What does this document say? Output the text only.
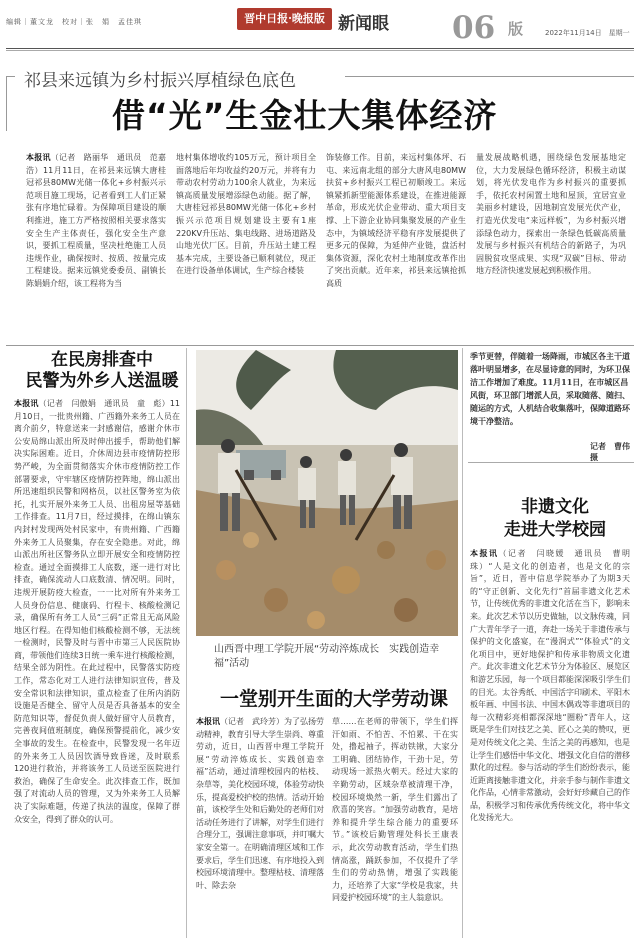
编辑｜董文龙　校对｜张　娟　孟佳琪	晋中日报·晚报版 新闻眼 06 版	2022年11月14日　星期一
祁县来远镇为乡村振兴厚植绿色底色
借“光”生金壮大集体经济
本报讯（记者　路丽华　通讯员　范嘉浩）11月11日，在祁县来远镇大唐桂冠祁县80MW光储一体化+乡村振兴示范项目施工现场，记者看到工人们正紧张有序地忙碌着。为保障项目建设的顺利推进，施工方严格按照相关要求落实安全生产主体责任，强化安全生产意识，要抓工程质量，坚决杜绝施工人员违规作业，确保按时、按质、按量完成工程建设。据来远镇党委委员、副镇长陈娟娟介绍，该工程将为当
地村集体增收约105万元，预计项目全面落地后年均收益约20万元，并将有力带动农村劳动力100余人就业，为来远镇高质量发展增添绿色动能。据了解，大唐桂冠祁县80MW光储一体化+乡村振兴示范项目规划建设主要有1座220KV升压站、集电线路、进场道路及山地光伏厂区。目前，升压站土建工程基本完成，主要设备已顺利就位，现正在进行设备单体调试，生产综合楼装
饰装修工作。目前，来远村集体坪、石屯、来远南北组的部分大唐风电80MW扶贫+乡村振兴工程已初顺竣工。来远镇紧抓新型能源体系建设，在推进能源革命，形成光伏企业带动、重大项目支撑、上下游企业协同集聚发展的产业生态中，为镇域经济平稳有序发展提供了更多元的保障，为延伸产业链，盘活村集体资源，深化农村土地制度改革作出了突出贡献。近年来，祁县来远镇抢抓高质
量发展战略机遇，围绕绿色发展基地定位，大力发展绿色循环经济，积极主动谋划，将光伏发电作为乡村振兴的重要抓手，依托农村闲置土地和屋顶，宜居宜业美丽乡村建设，因地制宜发展光伏产业，打造光伏发电“来远样板”，为乡村振兴增添绿色动力，探索出一条绿色低碳高质量发展与乡村振兴有机结合的新路子，为巩固脱贫攻坚成果、实现“双碳”目标、带动地方经济快速发展起到积极作用。
在民房排查中
民警为外乡人送温暖
本报讯（记者　闫傲娟　通讯员　童　彪）11月10日，一批贵州籍、广西籍外来务工人员在离介前夕，特意送来一封感谢信，感谢介休市公安局绵山派出所及时伸出援手，帮助他们解决实际困难。近日，介休周边县市疫情防控形势严峻，为全面贯彻落实介休市疫情防控工作部署要求，守牢辖区疫情防控阵地，绵山派出所迅速组织民警和网格员，以社区警务室为依托，扎实开展外来务工人员、出租房屋等基础工作排查。11月7日，经过摸排，在绵山镇东内封村发现两处村民家中，有贵州籍、广西籍外来务工人员聚集，存在安全隐患。对此，绵山派出所社区警务队立即开展安全和疫情防控检查。通过全面摸排工人底数，逐一进行对比排查，确保流动人口底数清、情况明。同时，违规开展防疫大检查，一一比对所有外来务工人员身份信息、健康码、行程卡、核酸检测记录，确保所有务工人员“三码”正常且无高风险地区行程。在得知他们核酸检测不够，无法统一检测时，民警及时与晋中市第三人民医院协商，带领他们连续3日统一乘车进行核酸检测，结果全部为阴性。在此过程中，民警落实防疫工作，常态化对工人进行法律知识宣传，普及安全常识和法律知识，重点检查了住所内消防设施是否健全、留守人员是否具备基本的安全防范知识等，督促负责人做好留守人员教育，完善夜间值班制度，确保预警提前化，减少安全事故的发生。在检查中，民警发现一名年迈的外来务工人员因饮酒导致昏迷，及时联系120进行救治，并将该务工人员送至医院进行救治，确保了生命安全。此次排查工作，既加强了对流动人员的管理，又为外来务工人员解决了实际难题，传递了执法的温度，保障了群众安全，得到了群众的认可。
季节更替，伴随着一场降雨，市城区各主干道落叶明显增多，在尽显诗意的同时，为环卫保洁工作增加了难度。11月11日，在市城区昌风街，环卫部门增派人员，采取随落、随扫、随运的方式，人机结合收集落叶，保障道路环境干净整洁。
记者　曹伟　摄
非遗文化
走进大学校园
本报讯（记者　闫晓媛　通讯员　曹明珠）“人是文化的创造者，也是文化的宗旨”，近日，晋中信息学院举办了为期3天的“守正创新、文化先行”首届非遗文化艺术节，让传统优秀的非遗文化活在当下，影响未来。此次艺术节以历史做轴，以文脉传魂，同广大青年学子一道，奔赴一场关于非遗传承与保护的文化盛宴，在“漫润式”“体验式”的文化项目中，更好地保护和传承非物质文化遗产。此次非遗文化艺术节分为体验区、展览区和游艺乐园，每一个项目都能深深吸引学生们的目光。太谷秀纸、中国活字印刷术、平阳木板年画、中国书法、中国木偶戏等非遗项目的每一次精彩亮相都深深地“圈粉”青年人，这既是学生们对技艺之美、匠心之美的赞叹，更是对传统文化之美、生活之美的再感知，也是让学生们感悟中华文化、增强文化自信的潜移默化的过程。参与活动的学生们纷纷表示，能近距离接触非遗文化，并亲手参与制作非遗文化作品，心情非常激动，会好好珍藏自己的作品，积极学习和传承优秀传统文化，将中华文化发扬光大。
山西晋中理工学院开展“劳动淬炼成长　实践创造幸福”活动
一堂别开生面的大学劳动课
本报讯（记者　武玲芳）为了弘扬劳动精神，教育引导大学生崇尚、尊重劳动，近日，山西晋中理工学院开展“劳动淬炼成长、实践创造幸福”活动，通过清理校园内的枯枝、杂草等，美化校园环境，体验劳动快乐，提高爱校护校的热情。活动开始前，该校学生处和后勤处的老师们对活动任务进行了讲解，对学生们进行合理分工，强调注意事项，并叮嘱大家安全第一。在明确清理区域和工作要求后，学生们迅速、有序地投入到校园环境清理中。整理枯枝、清理落叶、除去杂
草……在老师的带领下，学生们挥汗如雨、不怕苦、不怕累、干在实处，撸起袖子，挥动铁锹，大家分工明确、团结协作，干劲十足，劳动现场一派热火朝天。经过大家的辛勤劳动，区域杂草被清理干净，校园环境焕然一新，学生们露出了欣喜的笑容。“加强劳动教育，是培养和提升学生综合能力的重要环节。”该校后勤管理处科长王康表示，此次劳动教育活动，学生们热情高涨，踊跃参加，不仅提升了学生们的劳动热情，增强了实践能力，还培养了大家“学校是我家，共同爱护校园环境”的主人翁意识。
